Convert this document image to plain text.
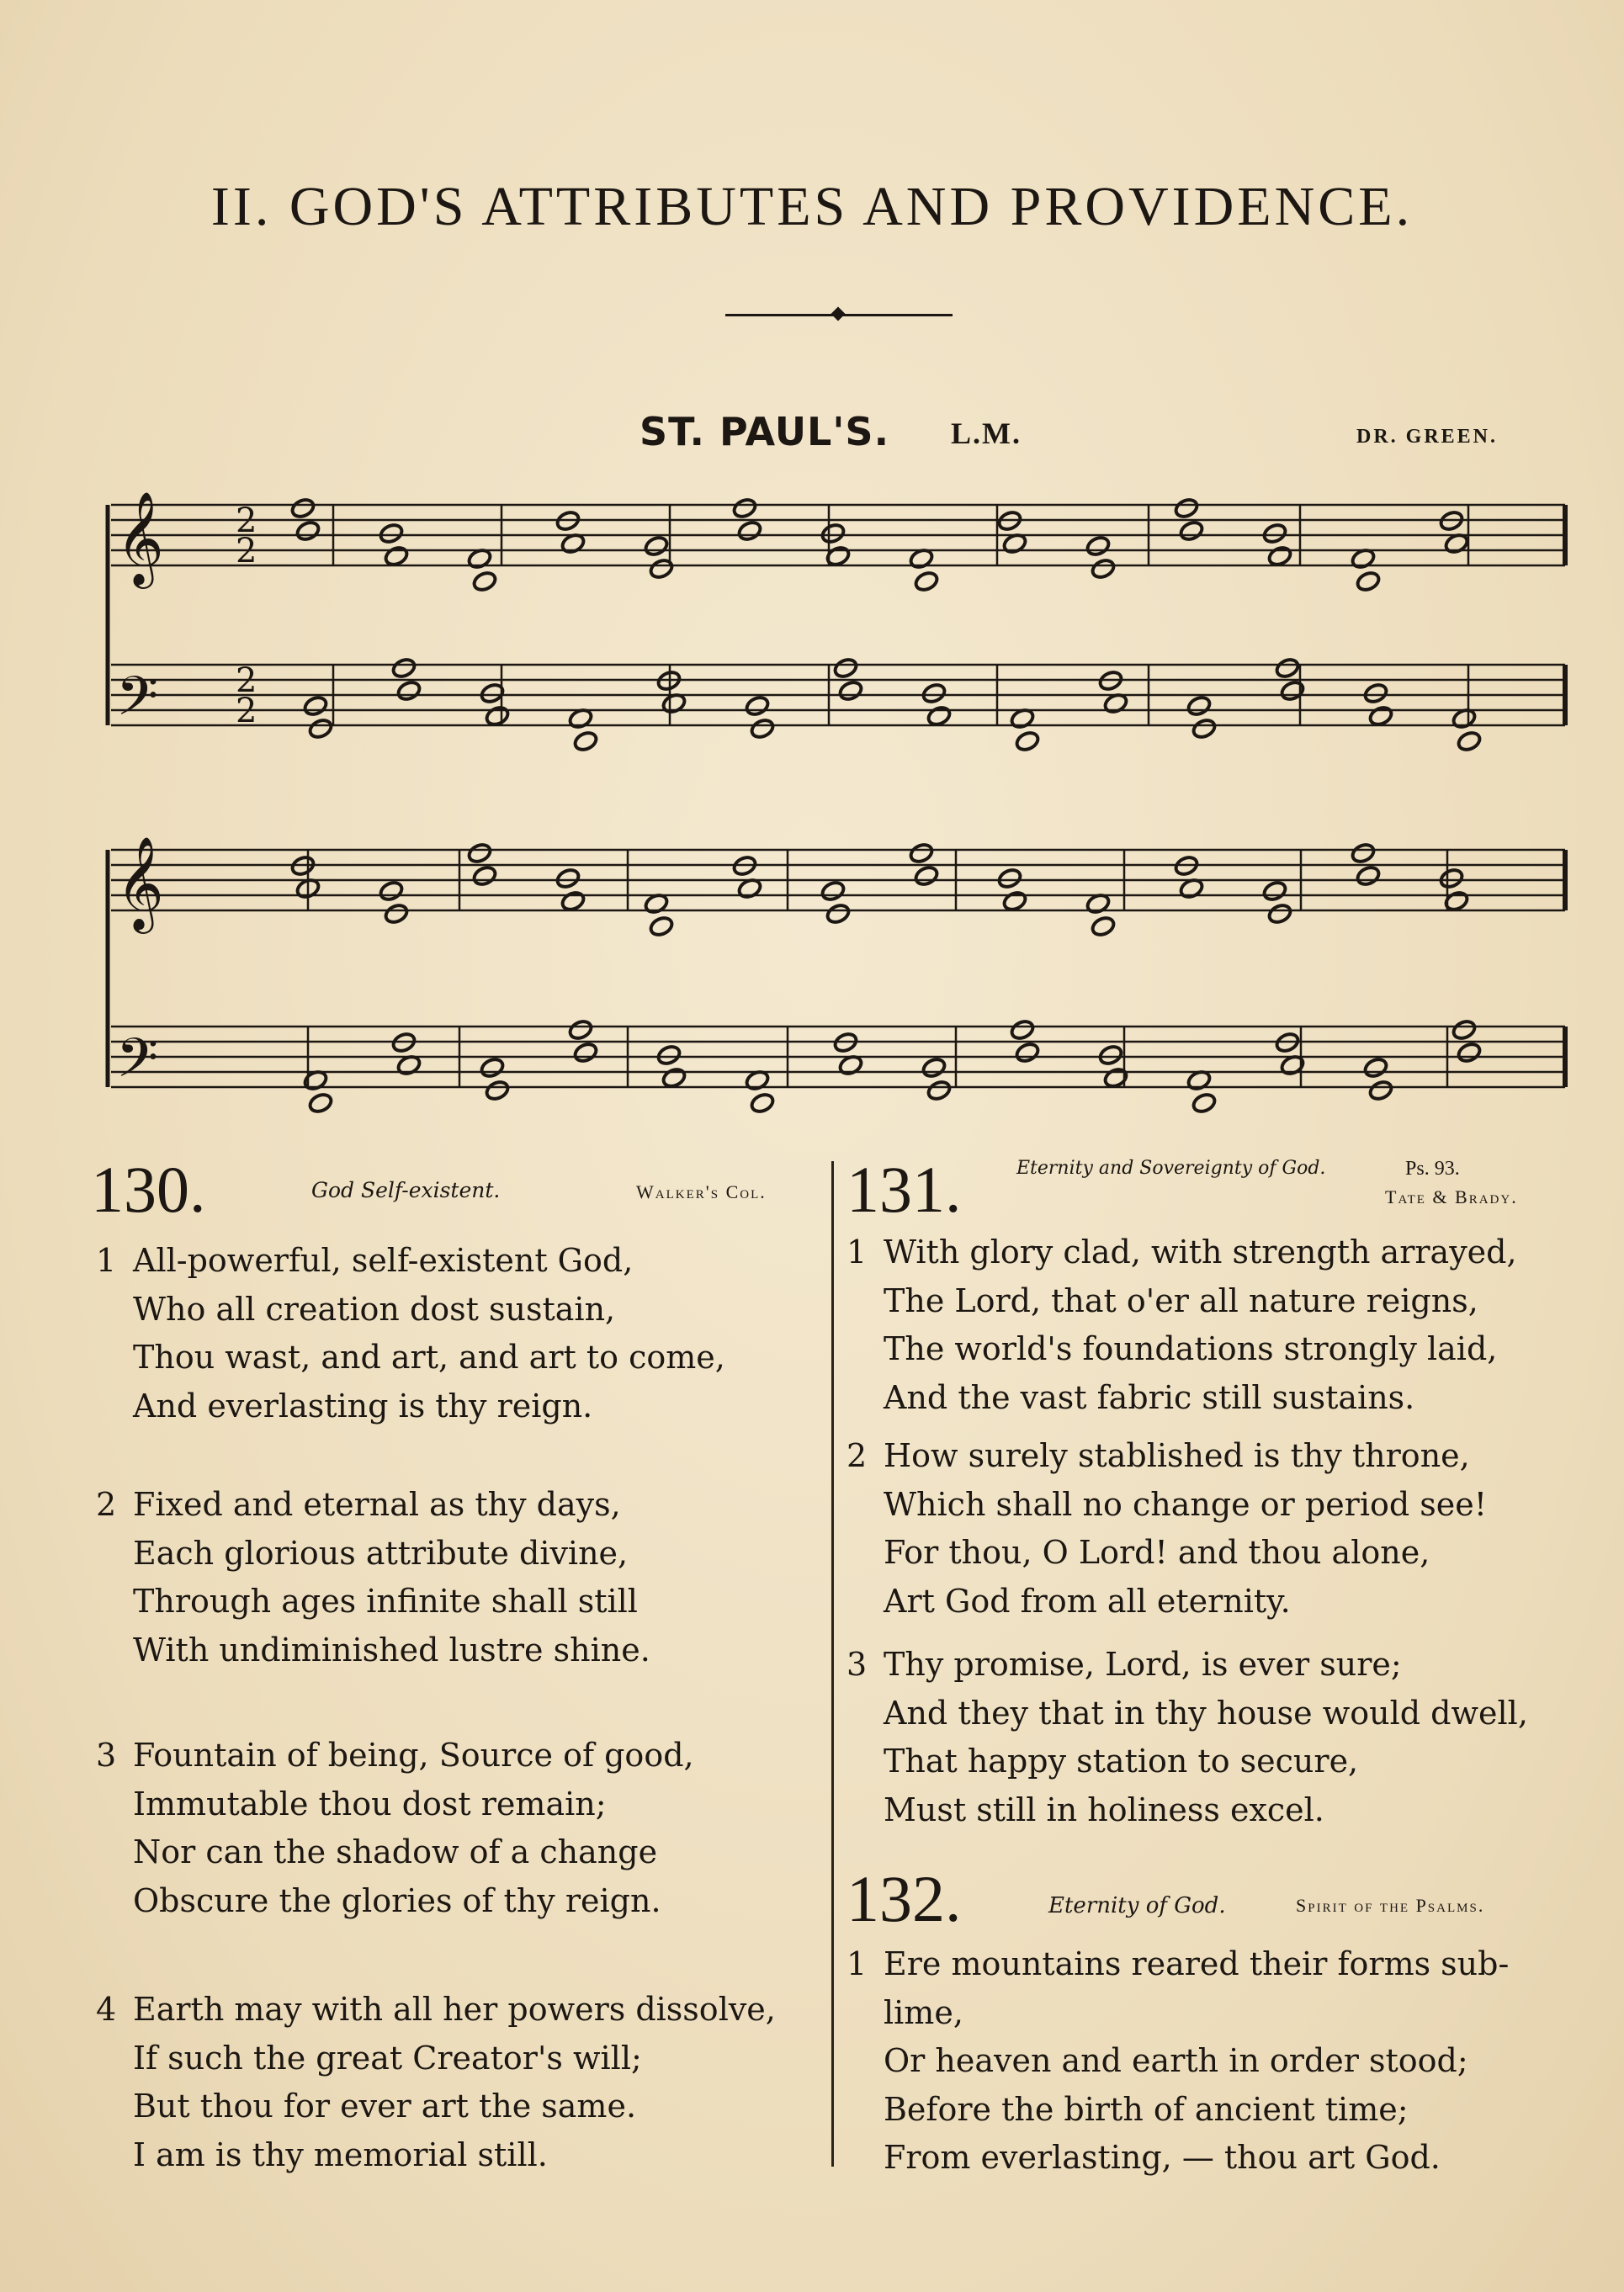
II. GOD'S ATTRIBUTES AND PROVIDENCE.
ST. PAUL'S. L.M.	DR. GREEN.
𝄞
𝄢
𝄞
𝄢
2
2
2
2
130.	God Self-existent.	Walker's Col.
1 All-powerful, self-existent God,
Who all creation dost sustain,
Thou wast, and art, and art to come,
And everlasting is thy reign.
2 Fixed and eternal as thy days,
Each glorious attribute divine,
Through ages infinite shall still
With undiminished lustre shine.
3 Fountain of being, Source of good,
Immutable thou dost remain;
Nor can the shadow of a change
Obscure the glories of thy reign.
4 Earth may with all her powers dissolve,
If such the great Creator's will;
But thou for ever art the same.
I am is thy memorial still.
131.	Eternity and Sovereignty of God.	Ps. 93.
Tate & Brady.
1 With glory clad, with strength arrayed,
The Lord, that o'er all nature reigns,
The world's foundations strongly laid,
And the vast fabric still sustains.
2 How surely stablished is thy throne,
Which shall no change or period see!
For thou, O Lord! and thou alone,
Art God from all eternity.
3 Thy promise, Lord, is ever sure;
And they that in thy house would dwell,
That happy station to secure,
Must still in holiness excel.
132.	Eternity of God.	Spirit of the Psalms.
1 Ere mountains reared their forms sub-
lime,
Or heaven and earth in order stood;
Before the birth of ancient time;
From everlasting, — thou art God.
